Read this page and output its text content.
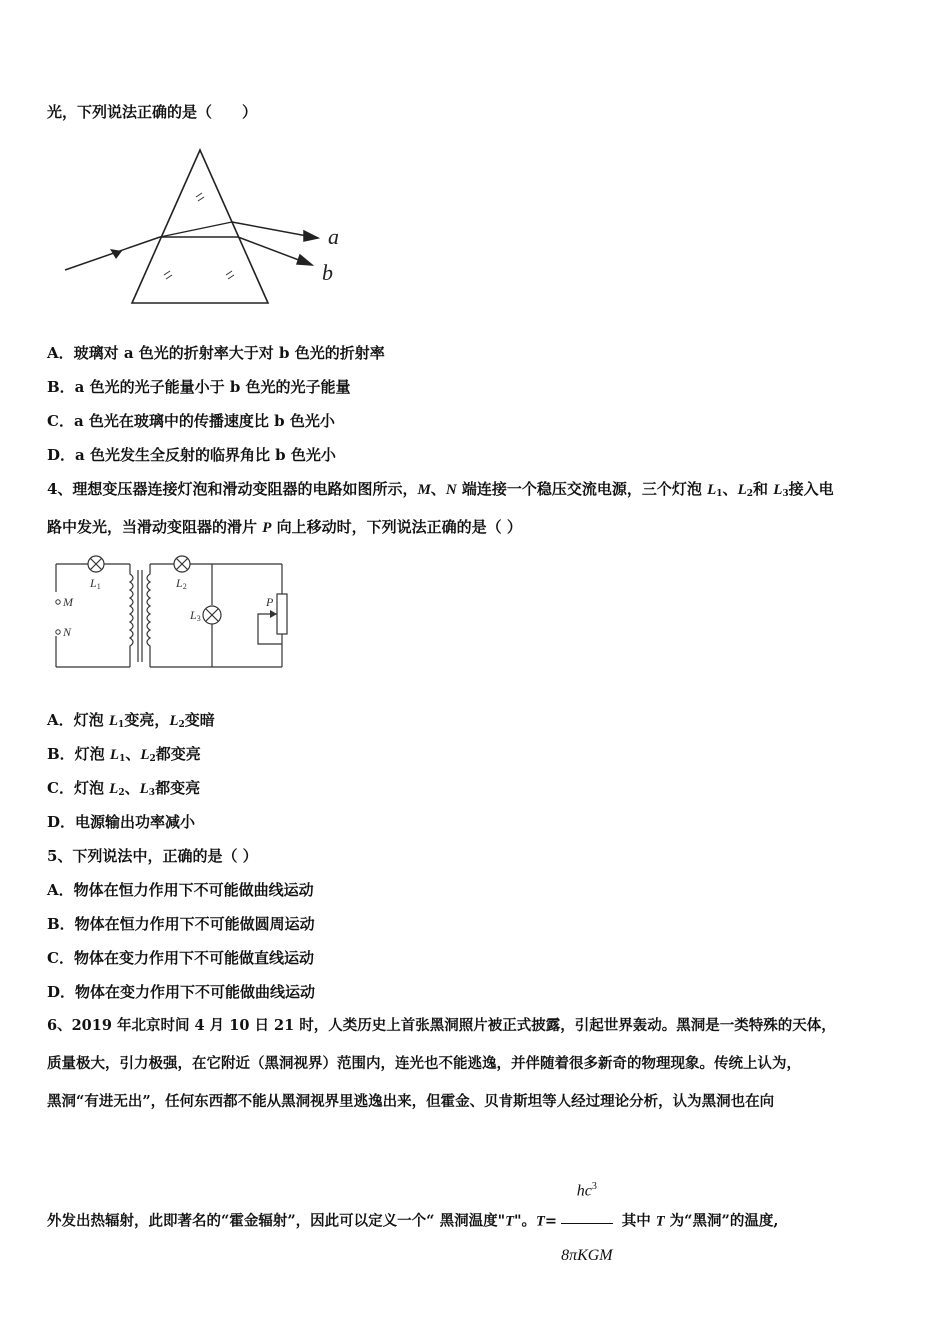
光，下列说法正确的是（　　）
a
b
A．玻璃对 a 色光的折射率大于对 b 色光的折射率
B．a 色光的光子能量小于 b 色光的光子能量
C．a 色光在玻璃中的传播速度比 b 色光小
D．a 色光发生全反射的临界角比 b 色光小
4、理想变压器连接灯泡和滑动变阻器的电路如图所示，M、N 端连接一个稳压交流电源，三个灯泡 $L_1$、$L_2$和 $L_3$接入电
路中发光，当滑动变阻器的滑片 P 向上移动时，下列说法正确的是（ ）
M
N
L1	L2
L3
P
A．灯泡 $L_1$变亮，$L_2$变暗
B．灯泡 $L_1$、$L_2$都变亮
C．灯泡 $L_2$、$L_3$都变亮
D．电源输出功率减小
5、下列说法中，正确的是（ ）
A．物体在恒力作用下不可能做曲线运动
B．物体在恒力作用下不可能做圆周运动
C．物体在变力作用下不可能做直线运动
D．物体在变力作用下不可能做曲线运动
6、2019 年北京时间 4 月 10 日 21 时，人类历史上首张黑洞照片被正式披露，引起世界轰动。黑洞是一类特殊的天体，
质量极大，引力极强，在它附近（黑洞视界）范围内，连光也不能逃逸，并伴随着很多新奇的物理现象。传统上认为，
黑洞“有进无出”，任何东西都不能从黑洞视界里逃逸出来，但霍金、贝肯斯坦等人经过理论分析，认为黑洞也在向
外发出热辐射，此即著名的“霍金辐射”，因此可以定义一个“ 黑洞温度"T"。$T= \frac{hc^3}{\text{8πKGM}}$ 其中 T 为“黑洞”的温度,
